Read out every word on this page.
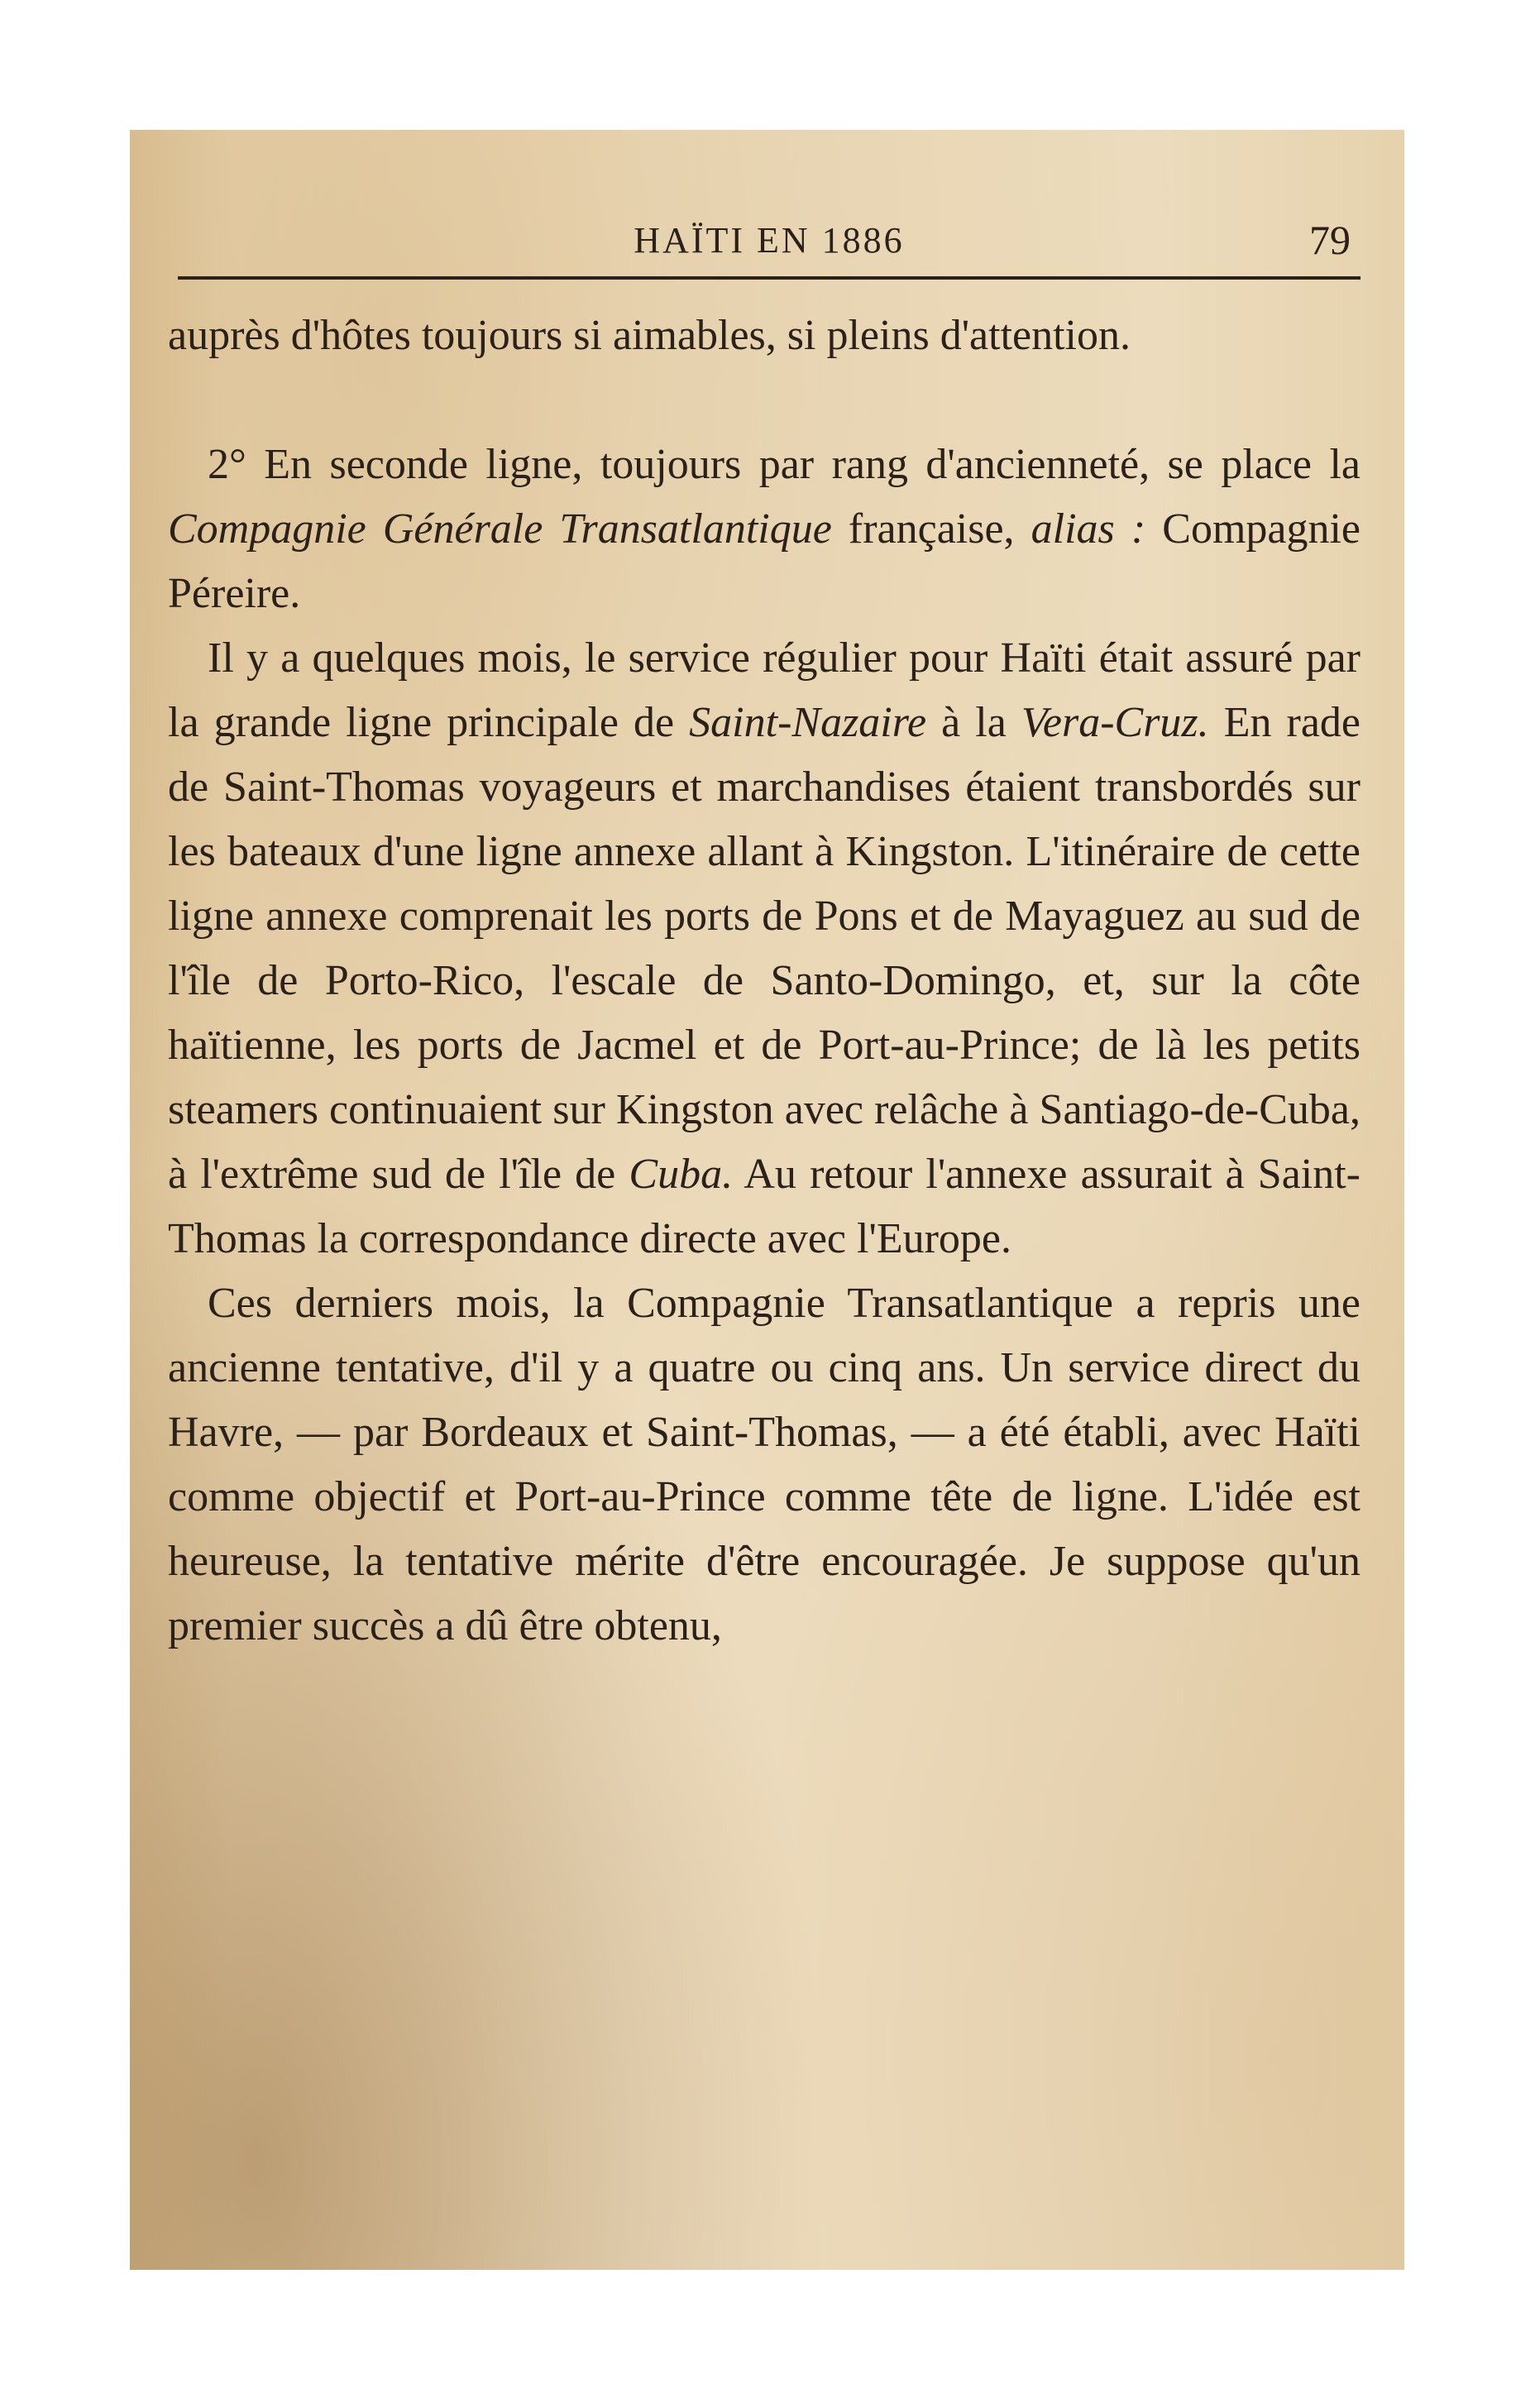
HAÏTI EN 1886	79

auprès d'hôtes toujours si aimables, si pleins d'attention.

2° En seconde ligne, toujours par rang d'ancienneté, se place la Compagnie Générale Transatlantique française, alias : Compagnie Péreire.

Il y a quelques mois, le service régulier pour Haïti était assuré par la grande ligne principale de Saint-Nazaire à la Vera-Cruz. En rade de Saint-Thomas voyageurs et marchandises étaient transbordés sur les bateaux d'une ligne annexe allant à Kingston. L'itinéraire de cette ligne annexe comprenait les ports de Pons et de Mayaguez au sud de l'île de Porto-Rico, l'escale de Santo-Domingo, et, sur la côte haïtienne, les ports de Jacmel et de Port-au-Prince; de là les petits steamers continuaient sur Kingston avec relâche à Santiago-de-Cuba, à l'extrême sud de l'île de Cuba. Au retour l'annexe assurait à Saint-Thomas la correspondance directe avec l'Europe.

Ces derniers mois, la Compagnie Transatlantique a repris une ancienne tentative, d'il y a quatre ou cinq ans. Un service direct du Havre, — par Bordeaux et Saint-Thomas, — a été établi, avec Haïti comme objectif et Port-au-Prince comme tête de ligne. L'idée est heureuse, la tentative mérite d'être encouragée. Je suppose qu'un premier succès a dû être obtenu,
